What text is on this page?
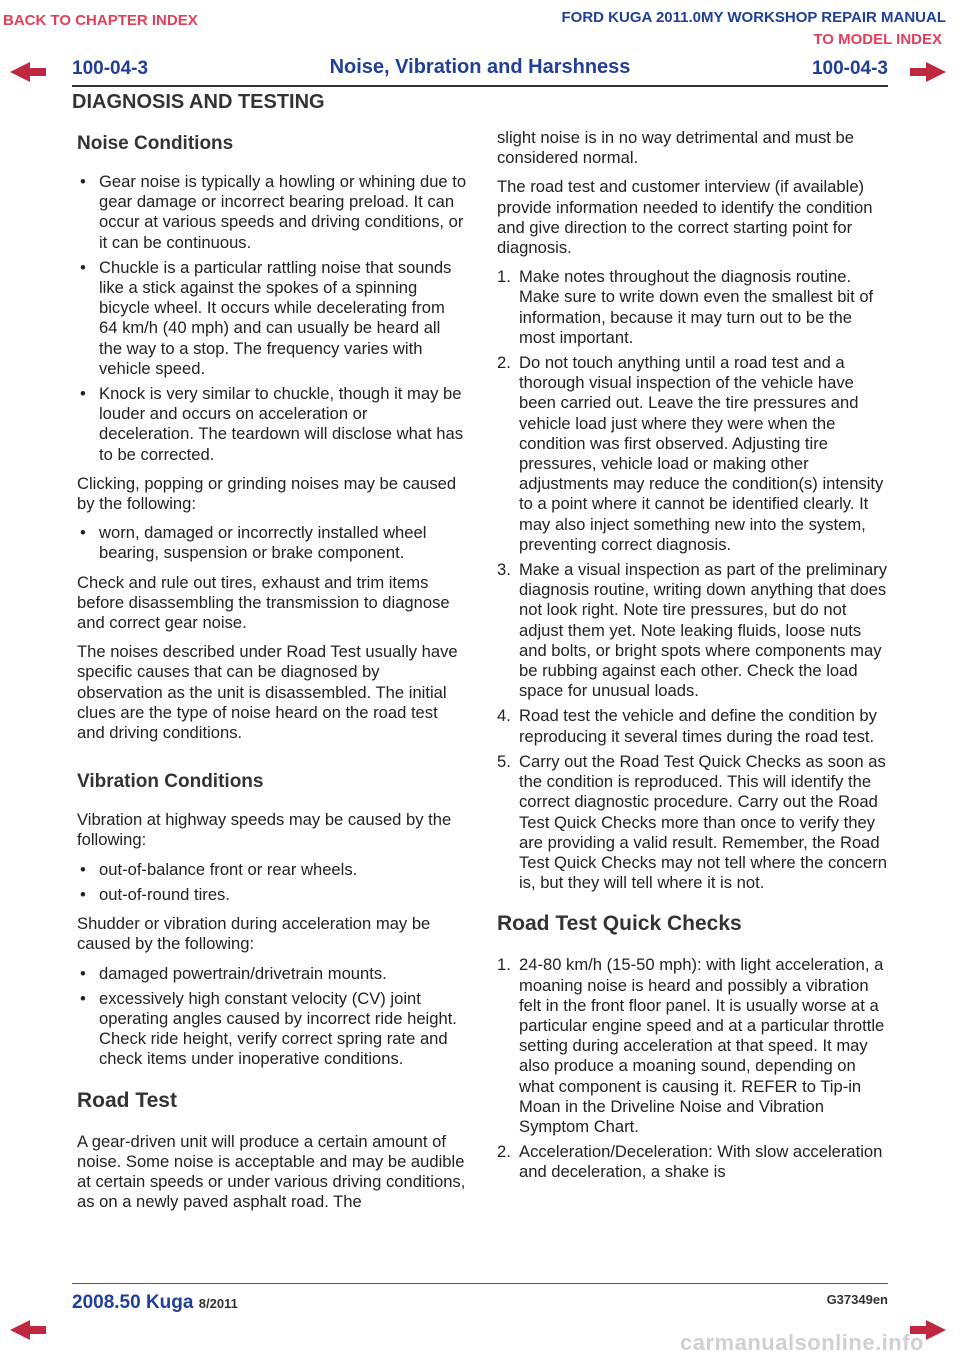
BACK TO CHAPTER INDEX	FORD KUGA 2011.0MY WORKSHOP REPAIR MANUAL
TO MODEL INDEX
100-04-3	Noise, Vibration and Harshness	100-04-3
DIAGNOSIS AND TESTING
Noise Conditions
• Gear noise is typically a howling or whining due to gear damage or incorrect bearing preload. It can occur at various speeds and driving conditions, or it can be continuous.
• Chuckle is a particular rattling noise that sounds like a stick against the spokes of a spinning bicycle wheel. It occurs while decelerating from 64 km/h (40 mph) and can usually be heard all the way to a stop. The frequency varies with vehicle speed.
• Knock is very similar to chuckle, though it may be louder and occurs on acceleration or deceleration. The teardown will disclose what has to be corrected.

Clicking, popping or grinding noises may be caused by the following:

• worn, damaged or incorrectly installed wheel bearing, suspension or brake component.

Check and rule out tires, exhaust and trim items before disassembling the transmission to diagnose and correct gear noise.

The noises described under Road Test usually have specific causes that can be diagnosed by observation as the unit is disassembled. The initial clues are the type of noise heard on the road test and driving conditions.

Vibration Conditions

Vibration at highway speeds may be caused by the following:

• out-of-balance front or rear wheels.
• out-of-round tires.

Shudder or vibration during acceleration may be caused by the following:

• damaged powertrain/drivetrain mounts.
• excessively high constant velocity (CV) joint operating angles caused by incorrect ride height. Check ride height, verify correct spring rate and check items under inoperative conditions.
Road Test

A gear-driven unit will produce a certain amount of noise. Some noise is acceptable and may be audible at certain speeds or under various driving conditions, as on a newly paved asphalt road. The

slight noise is in no way detrimental and must be considered normal.

The road test and customer interview (if available) provide information needed to identify the condition and give direction to the correct starting point for diagnosis.

1. Make notes throughout the diagnosis routine. Make sure to write down even the smallest bit of information, because it may turn out to be the most important.
2. Do not touch anything until a road test and a thorough visual inspection of the vehicle have been carried out. Leave the tire pressures and vehicle load just where they were when the condition was first observed. Adjusting tire pressures, vehicle load or making other adjustments may reduce the condition(s) intensity to a point where it cannot be identified clearly. It may also inject something new into the system, preventing correct diagnosis.
3. Make a visual inspection as part of the preliminary diagnosis routine, writing down anything that does not look right. Note tire pressures, but do not adjust them yet. Note leaking fluids, loose nuts and bolts, or bright spots where components may be rubbing against each other. Check the load space for unusual loads.
4. Road test the vehicle and define the condition by reproducing it several times during the road test.
5. Carry out the Road Test Quick Checks as soon as the condition is reproduced. This will identify the correct diagnostic procedure. Carry out the Road Test Quick Checks more than once to verify they are providing a valid result. Remember, the Road Test Quick Checks may not tell where the concern is, but they will tell where it is not.
Road Test Quick Checks
1. 24-80 km/h (15-50 mph): with light acceleration, a moaning noise is heard and possibly a vibration felt in the front floor panel. It is usually worse at a particular engine speed and at a particular throttle setting during acceleration at that speed. It may also produce a moaning sound, depending on what component is causing it. REFER to Tip-in Moan in the Driveline Noise and Vibration Symptom Chart.
2. Acceleration/Deceleration: With slow acceleration and deceleration, a shake is
2008.50 Kuga 8/2011	G37349en
carmanualsonline.info
